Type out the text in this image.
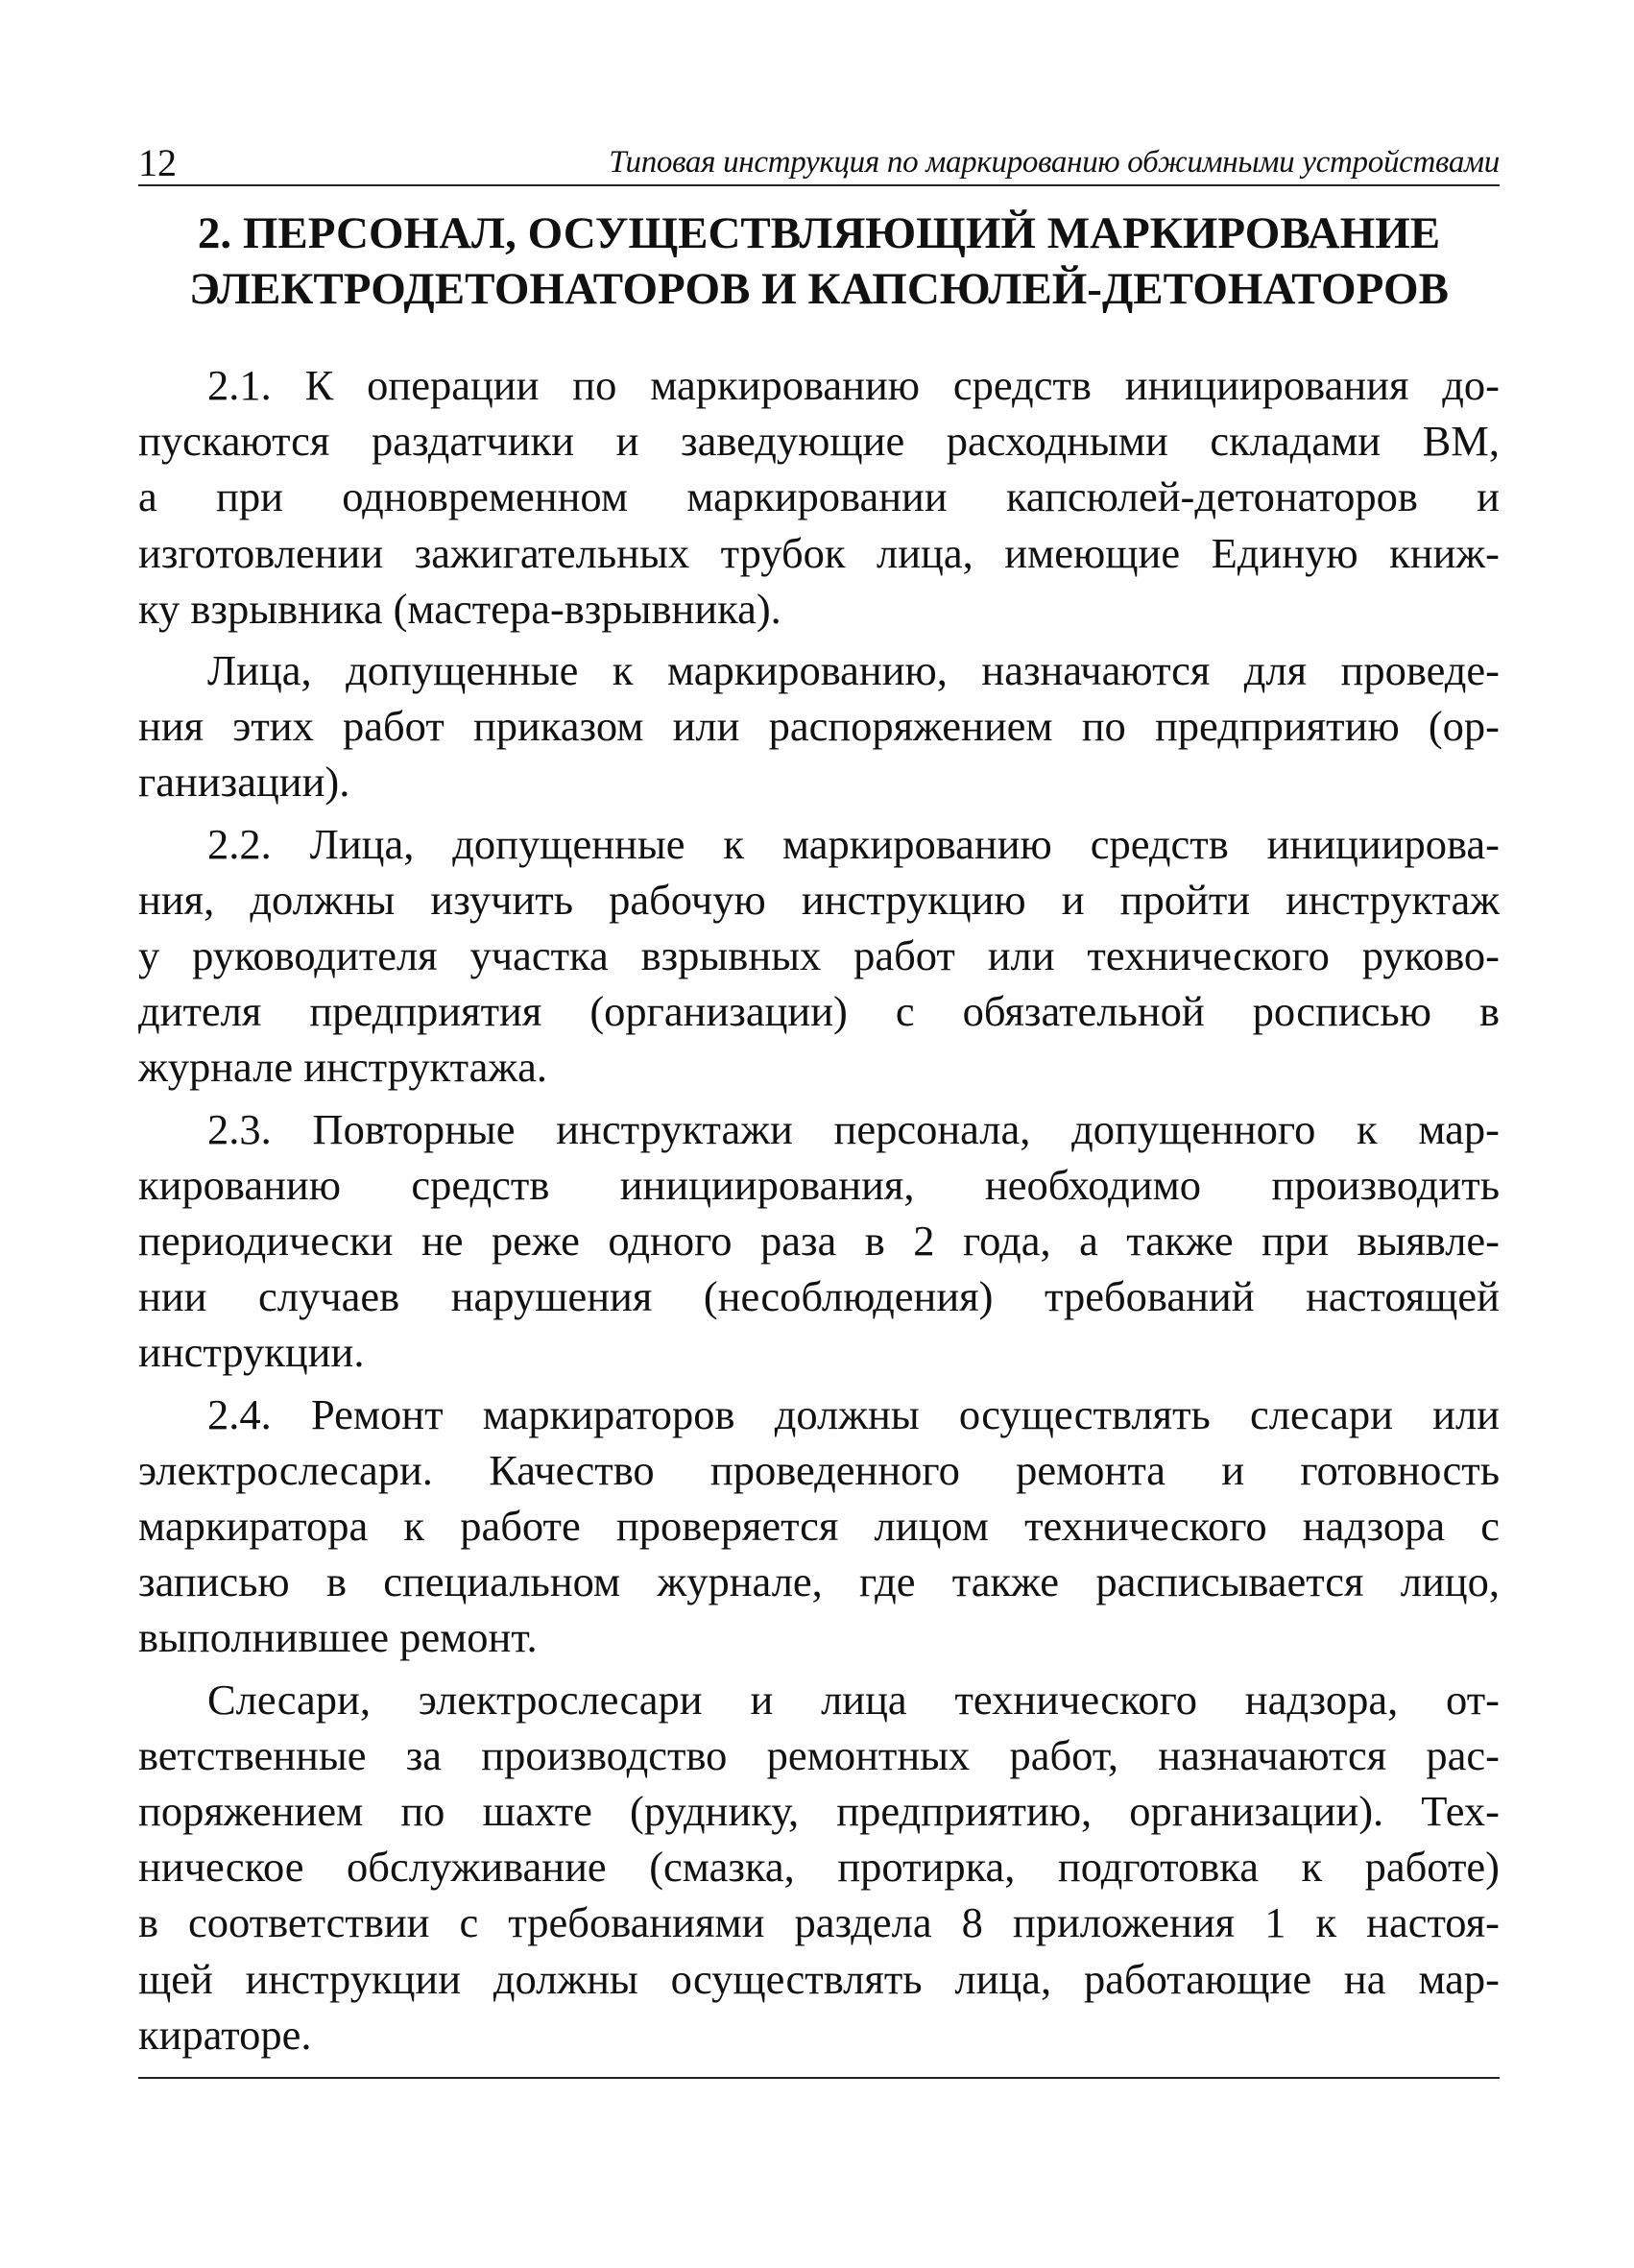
12	Типовая инструкция по маркированию обжимными устройствами
2. ПЕРСОНАЛ, ОСУЩЕСТВЛЯЮЩИЙ МАРКИРОВАНИЕ
ЭЛЕКТРОДЕТОНАТОРОВ И КАПСЮЛЕЙ-ДЕТОНАТОРОВ

2.1. К операции по маркированию средств инициирования до-
пускаются раздатчики и заведующие расходными складами ВМ,
а при одновременном маркировании капсюлей-детонаторов и
изготовлении зажигательных трубок лица, имеющие Единую книж-
ку взрывника (мастера-взрывника).

Лица, допущенные к маркированию, назначаются для проведе-
ния этих работ приказом или распоряжением по предприятию (ор-
ганизации).

2.2. Лица, допущенные к маркированию средств инициирова-
ния, должны изучить рабочую инструкцию и пройти инструктаж
у руководителя участка взрывных работ или технического руково-
дителя предприятия (организации) с обязательной росписью в
журнале инструктажа.

2.3. Повторные инструктажи персонала, допущенного к мар-
кированию средств инициирования, необходимо производить
периодически не реже одного раза в 2 года, а также при выявле-
нии случаев нарушения (несоблюдения) требований настоящей
инструкции.

2.4. Ремонт маркираторов должны осуществлять слесари или
электрослесари. Качество проведенного ремонта и готовность
маркиратора к работе проверяется лицом технического надзора с
записью в специальном журнале, где также расписывается лицо,
выполнившее ремонт.

Слесари, электрослесари и лица технического надзора, от-
ветственные за производство ремонтных работ, назначаются рас-
поряжением по шахте (руднику, предприятию, организации). Тех-
ническое обслуживание (смазка, протирка, подготовка к работе)
в соответствии с требованиями раздела 8 приложения 1 к настоя-
щей инструкции должны осуществлять лица, работающие на мар-
кираторе.
